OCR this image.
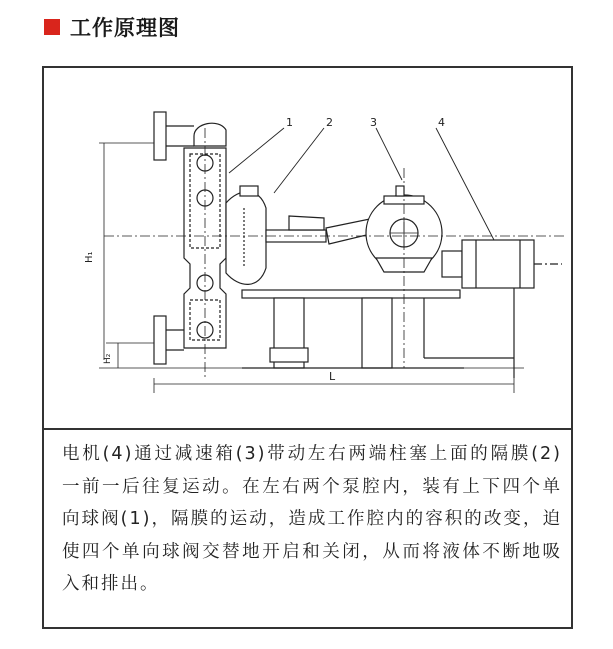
工作原理图
1	2	3	4
H₁
H₂
L
电机(4)通过减速箱(3)带动左右两端柱塞上面的隔膜(2)一前一后往复运动。在左右两个泵腔内，装有上下四个单向球阀(1)，隔膜的运动，造成工作腔内的容积的改变，迫使四个单向球阀交替地开启和关闭，从而将液体不断地吸入和排出。
